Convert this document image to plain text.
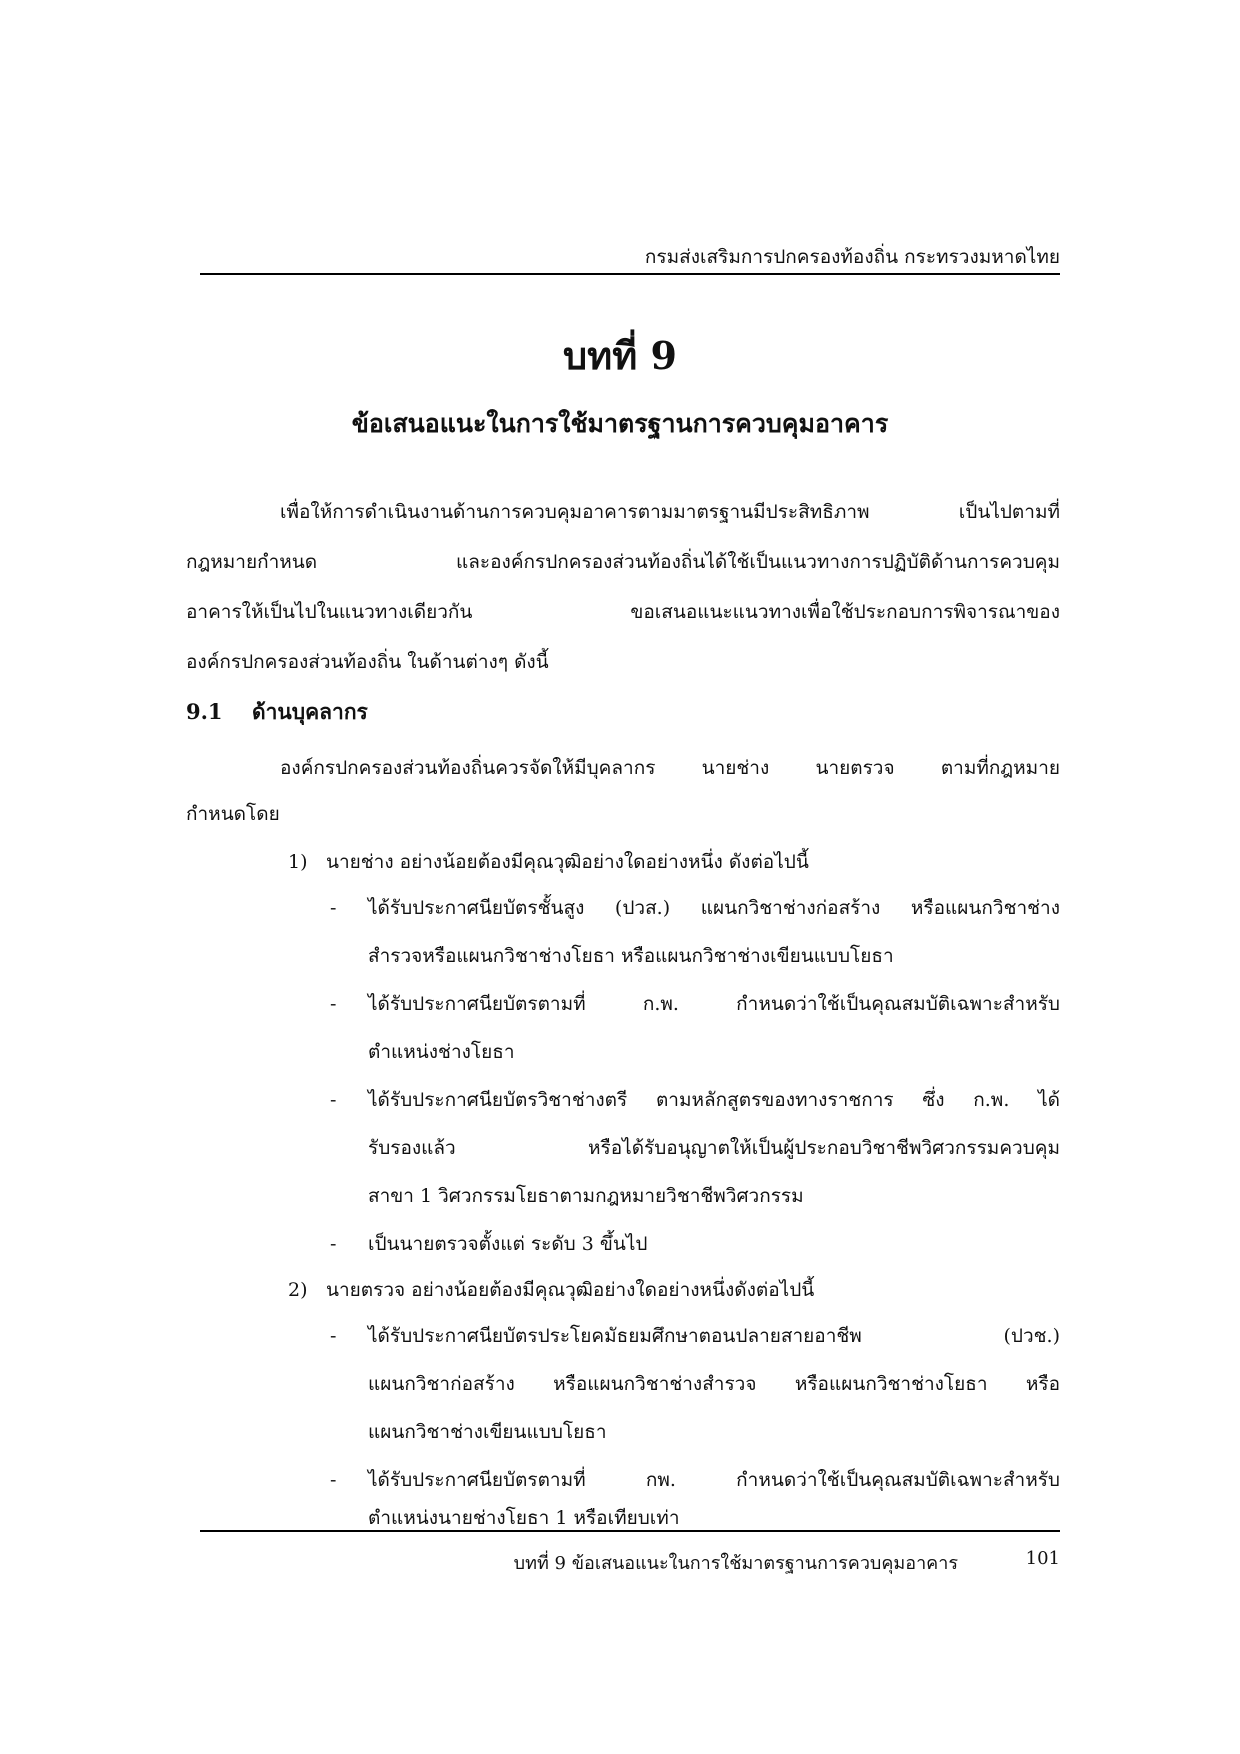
กรมส่งเสริมการปกครองท้องถิ่น กระทรวงมหาดไทย
บทที่ 9
ข้อเสนอแนะในการใช้มาตรฐานการควบคุมอาคาร
เพื่อให้การดำเนินงานด้านการควบคุมอาคารตามมาตรฐานมีประสิทธิภาพ เป็นไปตามที่
กฎหมายกำหนด และองค์กรปกครองส่วนท้องถิ่นได้ใช้เป็นแนวทางการปฏิบัติด้านการควบคุม
อาคารให้เป็นไปในแนวทางเดียวกัน ขอเสนอแนะแนวทางเพื่อใช้ประกอบการพิจารณาของ
องค์กรปกครองส่วนท้องถิ่น ในด้านต่างๆ ดังนี้
9.1 ด้านบุคลากร
องค์กรปกครองส่วนท้องถิ่นควรจัดให้มีบุคลากร นายช่าง นายตรวจ ตามที่กฎหมาย
กำหนดโดย
1) นายช่าง อย่างน้อยต้องมีคุณวุฒิอย่างใดอย่างหนึ่ง ดังต่อไปนี้
- ได้รับประกาศนียบัตรชั้นสูง (ปวส.) แผนกวิชาช่างก่อสร้าง หรือแผนกวิชาช่าง
สำรวจหรือแผนกวิชาช่างโยธา หรือแผนกวิชาช่างเขียนแบบโยธา
- ได้รับประกาศนียบัตรตามที่ ก.พ. กำหนดว่าใช้เป็นคุณสมบัติเฉพาะสำหรับ
ตำแหน่งช่างโยธา
- ได้รับประกาศนียบัตรวิชาช่างตรี ตามหลักสูตรของทางราชการ ซึ่ง ก.พ. ได้
รับรองแล้ว หรือได้รับอนุญาตให้เป็นผู้ประกอบวิชาชีพวิศวกรรมควบคุม
สาขา 1 วิศวกรรมโยธาตามกฎหมายวิชาชีพวิศวกรรม
- เป็นนายตรวจตั้งแต่ ระดับ 3 ขึ้นไป
2) นายตรวจ อย่างน้อยต้องมีคุณวุฒิอย่างใดอย่างหนึ่งดังต่อไปนี้
- ได้รับประกาศนียบัตรประโยคมัธยมศึกษาตอนปลายสายอาชีพ (ปวช.)
แผนกวิชาก่อสร้าง หรือแผนกวิชาช่างสำรวจ หรือแผนกวิชาช่างโยธา หรือ
แผนกวิชาช่างเขียนแบบโยธา
- ได้รับประกาศนียบัตรตามที่ กพ. กำหนดว่าใช้เป็นคุณสมบัติเฉพาะสำหรับ
ตำแหน่งนายช่างโยธา 1 หรือเทียบเท่า
บทที่ 9 ข้อเสนอแนะในการใช้มาตรฐานการควบคุมอาคาร	101
